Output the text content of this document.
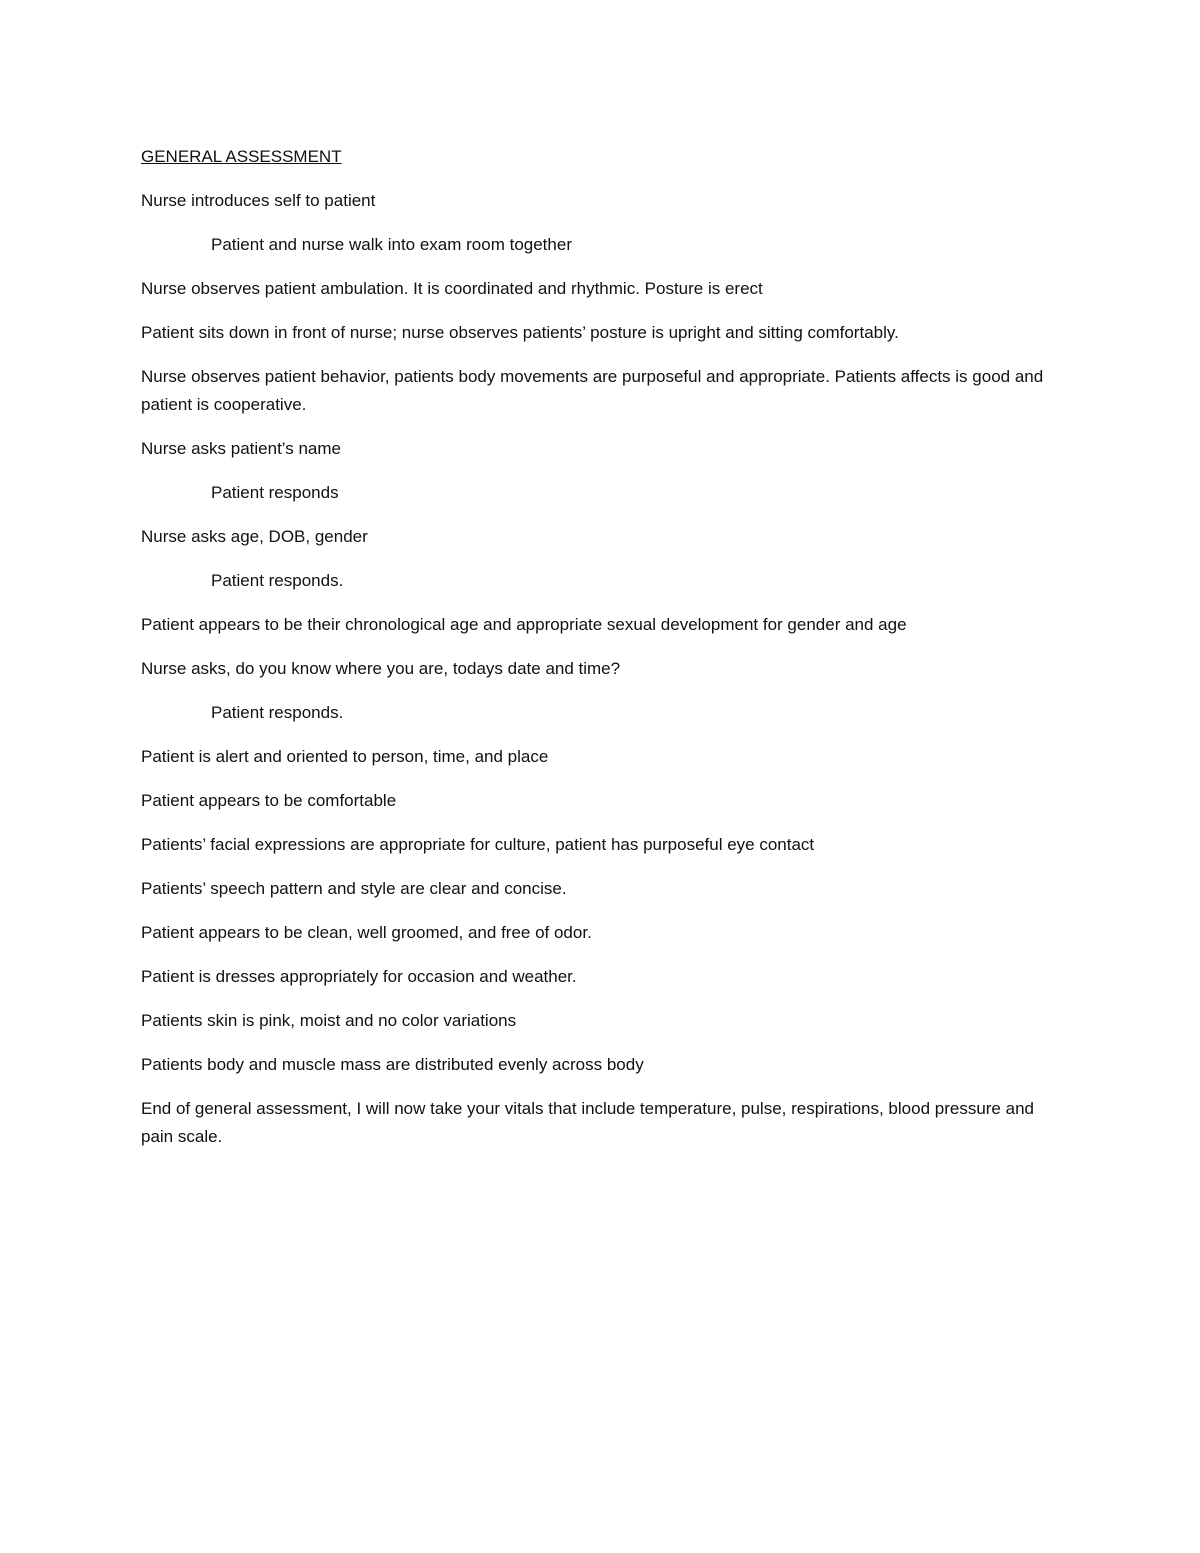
GENERAL ASSESSMENT
Nurse introduces self to patient
Patient and nurse walk into exam room together
Nurse observes patient ambulation. It is coordinated and rhythmic. Posture is erect
Patient sits down in front of nurse; nurse observes patients’ posture is upright and sitting comfortably.
Nurse observes patient behavior, patients body movements are purposeful and appropriate. Patients affects is good and patient is cooperative.
Nurse asks patient’s name
Patient responds
Nurse asks age, DOB, gender
Patient responds.
Patient appears to be their chronological age and appropriate sexual development for gender and age
Nurse asks, do you know where you are, todays date and time?
Patient responds.
Patient is alert and oriented to person, time, and place
Patient appears to be comfortable
Patients’ facial expressions are appropriate for culture, patient has purposeful eye contact
Patients’ speech pattern and style are clear and concise.
Patient appears to be clean, well groomed, and free of odor.
Patient is dresses appropriately for occasion and weather.
Patients skin is pink, moist and no color variations
Patients body and muscle mass are distributed evenly across body
End of general assessment, I will now take your vitals that include temperature, pulse, respirations, blood pressure and pain scale.
